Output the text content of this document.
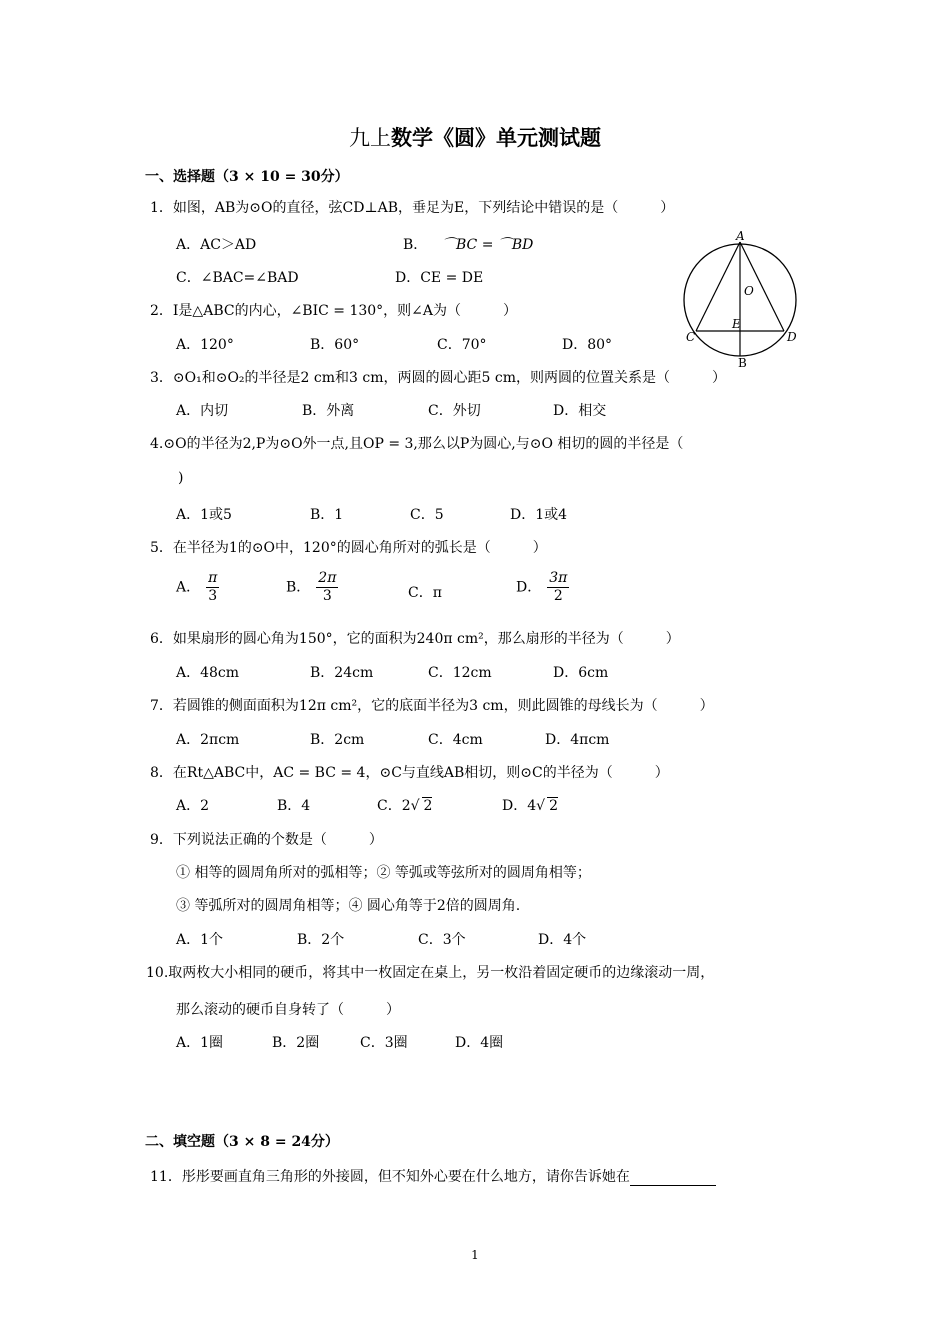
九上数学《圆》单元测试题
一、选择题（3 × 10 = 30分）
1．如图，AB为⊙O的直径，弦CD⊥AB，垂足为E，下列结论中错误的是（　　　）
A．AC＞AD	B． ⌒BC = ⌒BD
C．∠BAC=∠BAD	D．CE = DE
A
O
C
E
D
B
2．I是△ABC的内心，∠BIC = 130°，则∠A为（　　　）
A．120°	B．60°	C．70°	D．80°
3．⊙O₁和⊙O₂的半径是2 cm和3 cm，两圆的圆心距5 cm，则两圆的位置关系是（　　　）
A．内切	B．外离	C．外切	D．相交
4.⊙O的半径为2,P为⊙O外一点,且OP = 3,那么以P为圆心,与⊙O 相切的圆的半径是（
)
A．1或5	B．1	C．5	D．1或4
5．在半径为1的⊙O中，120°的圆心角所对的弧长是（　　　）
A． $\frac{\pi}{3}$	B． $\frac{2\pi}{3}$	C．π	D． $\frac{3\pi}{2}$
6．如果扇形的圆心角为150°，它的面积为240π cm²，那么扇形的半径为（　　　）
A．48cm	B．24cm	C．12cm	D．6cm
7．若圆锥的侧面面积为12π cm²，它的底面半径为3 cm，则此圆锥的母线长为（　　　）
A．2πcm	B．2cm	C．4cm	D．4πcm
8．在Rt△ABC中，AC = BC = 4，⊙C与直线AB相切，则⊙C的半径为（　　　）
A．2	B．4	C．2√ 2	D．4√ 2
9．下列说法正确的个数是（　　　）
① 相等的圆周角所对的弧相等；② 等弧或等弦所对的圆周角相等；
③ 等弧所对的圆周角相等；④ 圆心角等于2倍的圆周角.
A．1个	B．2个	C．3个	D．4个
10.取两枚大小相同的硬币，将其中一枚固定在桌上，另一枚沿着固定硬币的边缘滚动一周，
那么滚动的硬币自身转了（　　　）
A．1圈	B．2圈	C．3圈	D．4圈
二、填空题（3 × 8 = 24分）
11．彤彤要画直角三角形的外接圆，但不知外心要在什么地方，请你告诉她在
1
